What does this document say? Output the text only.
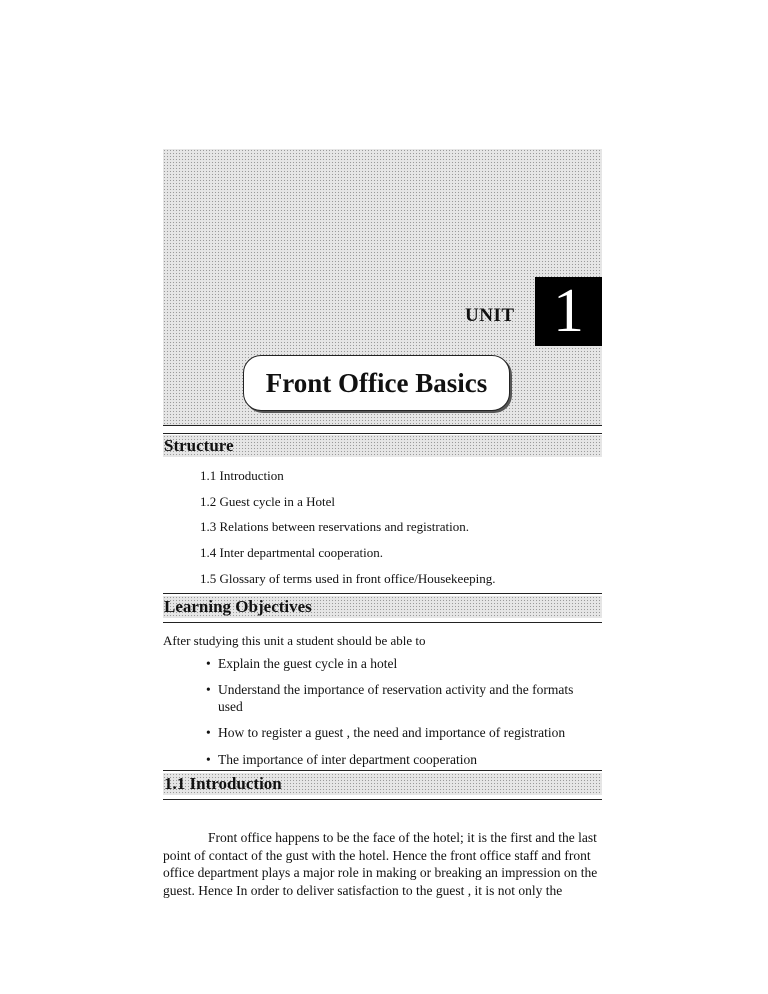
UNIT 1
Front Office Basics
Structure
1.1 Introduction
1.2 Guest cycle in a Hotel
1.3 Relations between reservations and registration.
1.4 Inter departmental cooperation.
1.5 Glossary of terms used in front office/Housekeeping.
Learning Objectives
After studying this unit a student should be able to
• Explain the guest cycle in a hotel
• Understand the importance of reservation activity and the formats
used
• How to register a guest , the need and importance of registration
• The importance of inter department cooperation
1.1 Introduction
Front office happens to be the face of the hotel; it is the first and the last
point of contact of the gust with the hotel. Hence the front office staff and front
office department plays a major role in making or breaking an impression on the
guest. Hence In order to deliver satisfaction to the guest , it is not only the
